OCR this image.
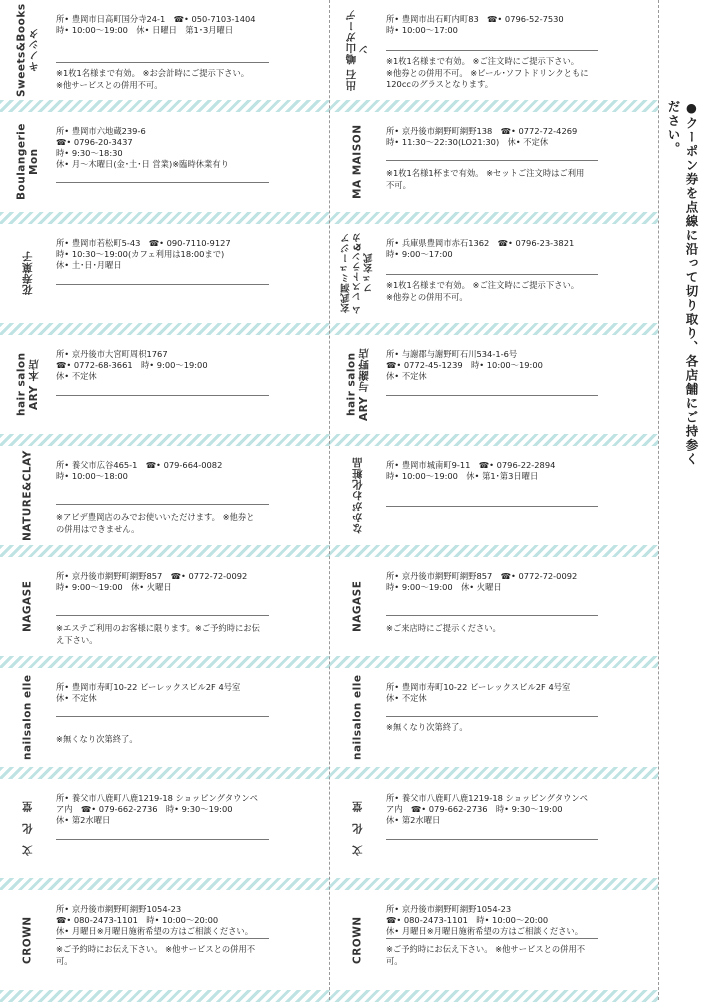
Sweets&Books キノシタ
所• 豊岡市日高町国分寺24-1　☎• 050-7103-1404
時• 10:00〜19:00　休• 日曜日　第1･3月曜日
※1枚1名様まで有効。 ※お会計時にご提示下さい。
※他サービスとの併用不可。	出石 嶋山ガーデン
所• 豊岡市出石町内町83　☎• 0796-52-7530
時• 10:00〜17:00
※1枚1名様まで有効。 ※ご注文時にご提示下さい。
※他券との併用不可。 ※ビール･ソフトドリンクともに
120ccのグラスとなります。
Boulangerie Mon
所• 豊岡市六地蔵239-6
☎• 0796-20-3437
時• 9:30〜18:30
休• 月〜木曜日(金･土･日 営業)※臨時休業有り	MA MAISON	所• 京丹後市網野町網野138　☎• 0772-72-4269
時• 11:30〜22:30(LO21:30)　休• 不定休
※1枚1名様1杯まで有効。 ※セットご注文時はご利用
不可。
花寿菓子
所• 豊岡市若松町5-43　☎• 090-7110-9127
時• 10:30〜19:00(カフェ利用は18:00まで)
休• 土･日･月曜日	玄武洞ミュージアム レストラン&カフェ玄武
所• 兵庫県豊岡市赤石1362　☎• 0796-23-3821
時• 9:00〜17:00
※1枚1名様まで有効。 ※ご注文時にご提示下さい。
※他券との併用不可。
hair salon ARY 本店
所• 京丹後市大宮町周枳1767
☎• 0772-68-3661　時• 9:00〜19:00
休• 不定休	hair salon ARY 与謝野店	所• 与謝郡与謝野町石川534-1-6号
☎• 0772-45-1239　時• 10:00〜19:00
休• 不定休
NATURE&CLAY	所• 養父市広谷465-1　☎• 079-664-0082
時• 10:00〜18:00
※アビデ豊岡店のみでお使いいただけます。 ※他券と
の併用はできません。	なかがわ化粧品	所• 豊岡市城南町9-11　☎• 0796-22-2894
時• 10:00〜19:00　休• 第1･第3日曜日
NAGASE
所• 京丹後市網野町網野857　☎• 0772-72-0092
時• 9:00〜19:00　休• 火曜日
※エステご利用のお客様に限ります。※ご予約時にお伝
え下さい。
NAGASE
所• 京丹後市網野町網野857　☎• 0772-72-0092
時• 9:00〜19:00　休• 火曜日
※ご来店時にご提示ください。
nailsalon elle	所• 豊岡市寿町10-22 ビーレックスビル2F 4号室
休• 不定休
※無くなり次第終了。	nailsalon elle	所• 豊岡市寿町10-22 ビーレックスビル2F 4号室
休• 不定休
※無くなり次第終了。
文　化　堂
所• 養父市八鹿町八鹿1219-18 ショッピングタウンペ
ア内　☎• 079-662-2736　時• 9:30〜19:00
休• 第2水曜日	文　化　堂
所• 養父市八鹿町八鹿1219-18 ショッピングタウンペ
ア内　☎• 079-662-2736　時• 9:30〜19:00
休• 第2水曜日
CROWN
所• 京丹後市網野町網野1054-23
☎• 080-2473-1101　時• 10:00〜20:00
休• 月曜日※月曜日施術希望の方はご相談ください。
※ご予約時にお伝え下さい。 ※他サービスとの併用不
可。	CROWN
所• 京丹後市網野町網野1054-23
☎• 080-2473-1101　時• 10:00〜20:00
休• 月曜日※月曜日施術希望の方はご相談ください。
※ご予約時にお伝え下さい。 ※他サービスとの併用不
可。
●クーポン券を点線に沿って切り取り、各店舗にご持参ください。
